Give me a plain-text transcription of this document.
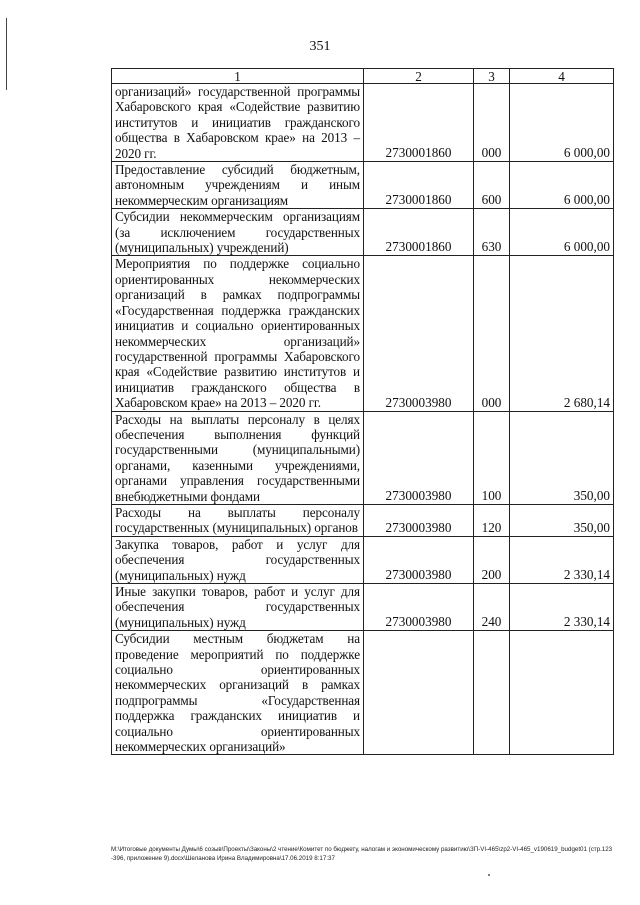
351
1	2	3	4

организаций» государственной программы Хабаровского края «Содействие развитию институтов и инициатив гражданского общества в Хабаровском крае» на 2013 – 2020 гг.	2730001860	000	6 000,00

Предоставление субсидий бюджетным, автономным учреждениям и иным некоммерческим организациям	2730001860	600	6 000,00

Субсидии некоммерческим организациям (за исключением государственных (муниципальных) учреждений)	2730001860	630	6 000,00

Мероприятия по поддержке социально ориентированных некоммерческих организаций в рамках подпрограммы «Государственная поддержка гражданских инициатив и социально ориентированных некоммерческих организаций» государственной программы Хабаровского края «Содействие развитию институтов и инициатив гражданского общества в Хабаровском крае» на 2013 – 2020 гг.	2730003980	000	2 680,14

Расходы на выплаты персоналу в целях обеспечения выполнения функций государственными (муниципальными) органами, казенными учреждениями, органами управления государственными внебюджетными фондами	2730003980	100	350,00

Расходы на выплаты персоналу государственных (муниципальных) органов	2730003980	120	350,00

Закупка товаров, работ и услуг для обеспечения государственных (муниципальных) нужд	2730003980	200	2 330,14

Иные закупки товаров, работ и услуг для обеспечения государственных (муниципальных) нужд	2730003980	240	2 330,14

Субсидии местным бюджетам на проведение мероприятий по поддержке социально ориентированных некоммерческих организаций в рамках подпрограммы «Государственная поддержка гражданских инициатив и социально ориентированных некоммерческих организаций»			

M:\Итоговые документы Думы\6 созыв\Проекты\Законы\2 чтение\Комитет по бюджету, налогам и экономическому развитию\ЗП-VI-465\zp2-VI-465_v190619_budget01 (стр.123-396, приложение 9).docx\Шеланова Ирина Владимировна\17.06.2019 8:17:37
